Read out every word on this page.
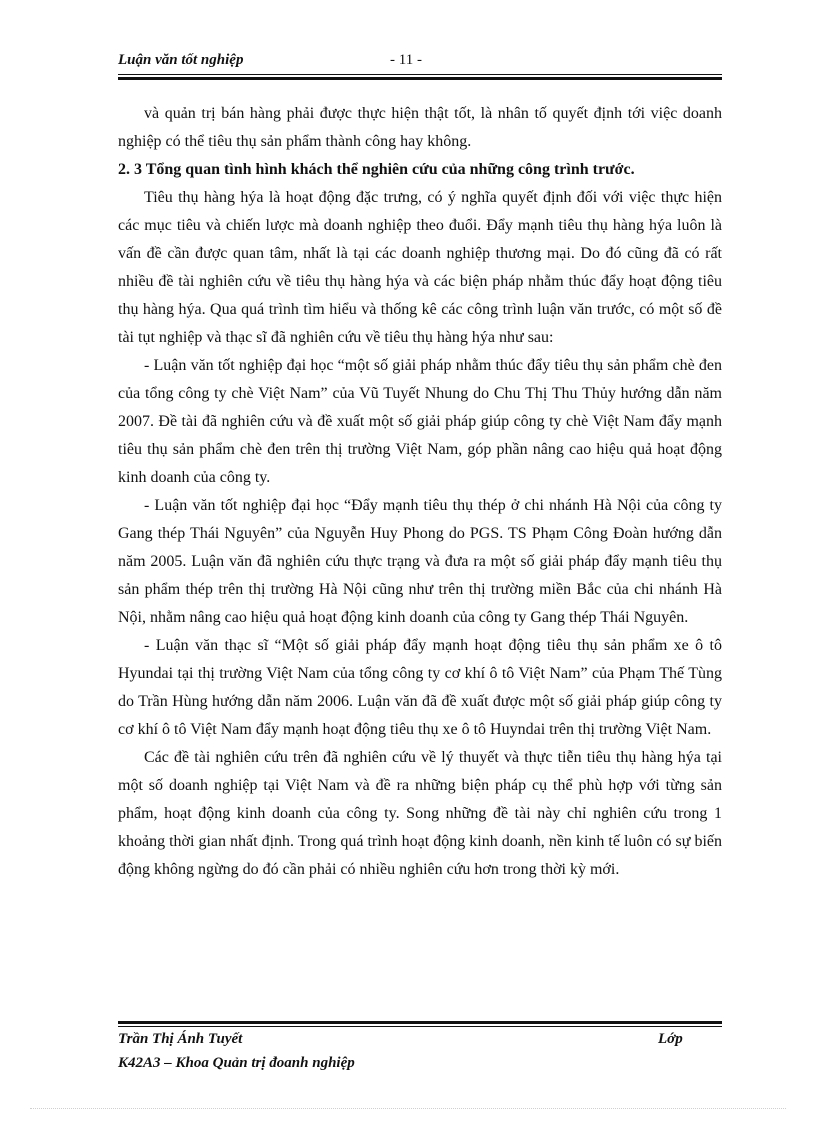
Luận văn tốt nghiệp	- 11 -

và quản trị bán hàng phải được thực hiện thật tốt, là nhân tố quyết định tới việc doanh nghiệp có thể tiêu thụ sản phẩm thành công hay không.

2. 3 Tổng quan tình hình khách thể nghiên cứu của những công trình trước.

Tiêu thụ hàng hýa là hoạt động đặc trưng, có ý nghĩa quyết định đối với việc thực hiện các mục tiêu và chiến lược mà doanh nghiệp theo đuổi. Đẩy mạnh tiêu thụ hàng hýa luôn là vấn đề cần được quan tâm, nhất là tại các doanh nghiệp thương mại. Do đó cũng đã có rất nhiều đề tài nghiên cứu về tiêu thụ hàng hýa và các biện pháp nhằm thúc đẩy hoạt động tiêu thụ hàng hýa. Qua quá trình tìm hiểu và thống kê các công trình luận văn trước, có một số đề tài tụt nghiệp và thạc sĩ đã nghiên cứu về tiêu thụ hàng hýa như sau:

- Luận văn tốt nghiệp đại học “một số giải pháp nhằm thúc đẩy tiêu thụ sản phẩm chè đen của tổng công ty chè Việt Nam” của Vũ Tuyết Nhung do Chu Thị Thu Thủy hướng dẫn năm 2007. Đề tài đã nghiên cứu và đề xuất một số giải pháp giúp công ty chè Việt Nam đẩy mạnh tiêu thụ sản phẩm chè đen trên thị trường Việt Nam, góp phần nâng cao hiệu quả hoạt động kinh doanh của công ty.

- Luận văn tốt nghiệp đại học “Đẩy mạnh tiêu thụ thép ở chi nhánh Hà Nội của công ty Gang thép Thái Nguyên” của Nguyễn Huy Phong do PGS. TS Phạm Công Đoàn hướng dẫn năm 2005. Luận văn đã nghiên cứu thực trạng và đưa ra một số giải pháp đẩy mạnh tiêu thụ sản phẩm thép trên thị trường Hà Nội cũng như trên thị trường miền Bắc của chi nhánh Hà Nội, nhằm nâng cao hiệu quả hoạt động kinh doanh của công ty Gang thép Thái Nguyên.

- Luận văn thạc sĩ “Một số giải pháp đẩy mạnh hoạt động tiêu thụ sản phẩm xe ô tô Hyundai tại thị trường Việt Nam của tổng công ty cơ khí ô tô Việt Nam” của Phạm Thế Tùng do Trần Hùng hướng dẫn năm 2006. Luận văn đã đề xuất được một số giải pháp giúp công ty cơ khí ô tô Việt Nam đẩy mạnh hoạt động tiêu thụ xe ô tô Huyndai trên thị trường Việt Nam.

Các đề tài nghiên cứu trên đã nghiên cứu về lý thuyết và thực tiễn tiêu thụ hàng hýa tại một số doanh nghiệp tại Việt Nam và đề ra những biện pháp cụ thể phù hợp với từng sản phẩm, hoạt động kinh doanh của công ty. Song những đề tài này chỉ nghiên cứu trong 1 khoảng thời gian nhất định. Trong quá trình hoạt động kinh doanh, nền kinh tế luôn có sự biến động không ngừng do đó cần phải có nhiều nghiên cứu hơn trong thời kỳ mới.

Trần Thị Ánh Tuyết	Lớp
K42A3 – Khoa Quản trị đoanh nghiệp
